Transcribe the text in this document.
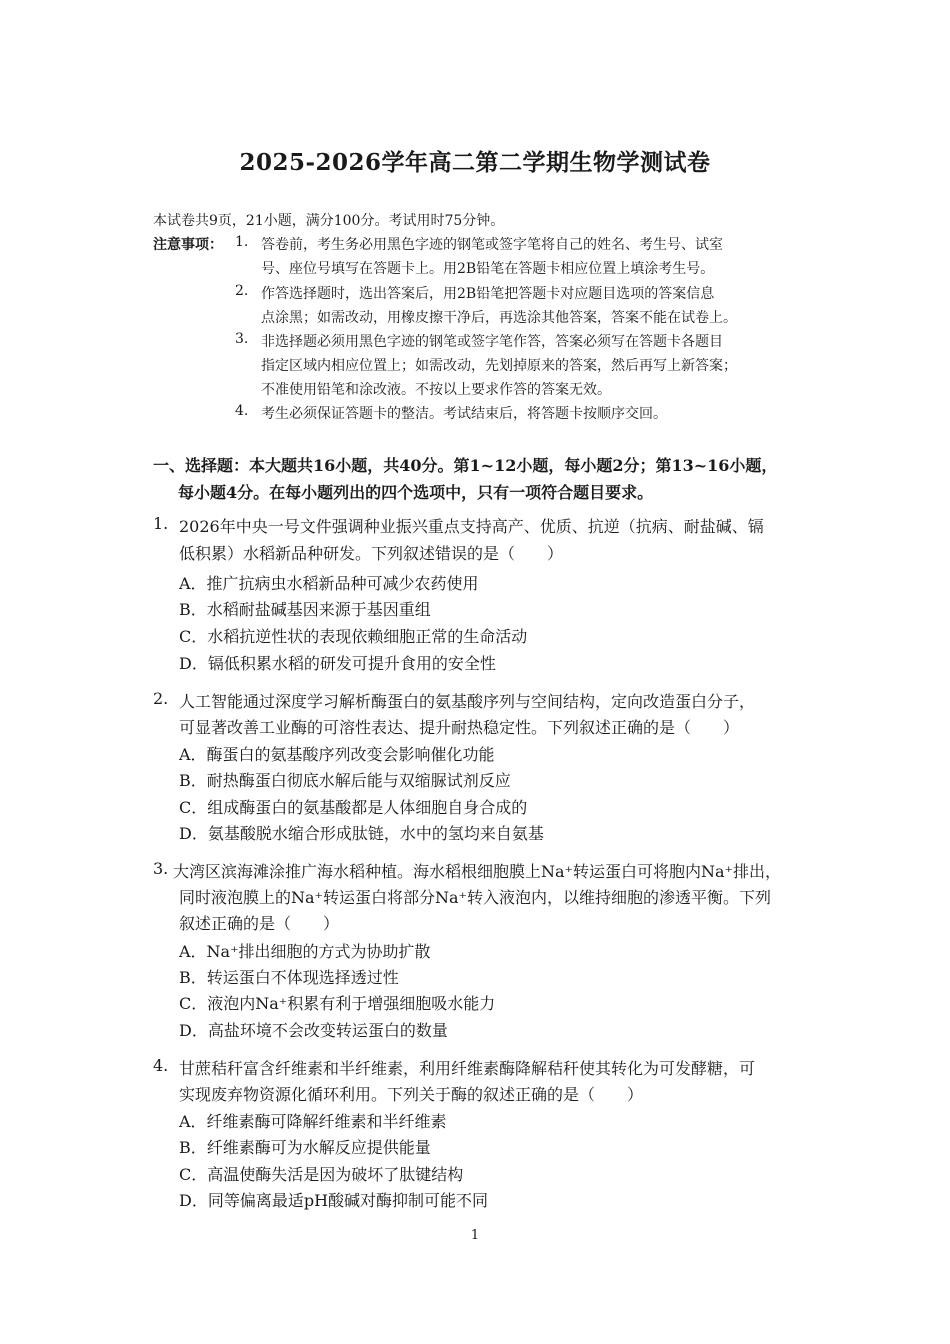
2025-2026学年高二第二学期生物学测试卷
本试卷共9页，21小题，满分100分。考试用时75分钟。
注意事项： 1. 答卷前，考生务必用黑色字迹的钢笔或签字笔将自己的姓名、考生号、试室
号、座位号填写在答题卡上。用2B铅笔在答题卡相应位置上填涂考生号。
2. 作答选择题时，选出答案后，用2B铅笔把答题卡对应题目选项的答案信息
点涂黑；如需改动，用橡皮擦干净后，再选涂其他答案，答案不能在试卷上。
3. 非选择题必须用黑色字迹的钢笔或签字笔作答，答案必须写在答题卡各题目
指定区域内相应位置上；如需改动，先划掉原来的答案，然后再写上新答案；
不准使用铅笔和涂改液。不按以上要求作答的答案无效。
4. 考生必须保证答题卡的整洁。考试结束后，将答题卡按顺序交回。
一、选择题：本大题共16小题，共40分。第1~12小题，每小题2分；第13~16小题，
每小题4分。在每小题列出的四个选项中，只有一项符合题目要求。
1. 2026年中央一号文件强调种业振兴重点支持高产、优质、抗逆（抗病、耐盐碱、镉
低积累）水稻新品种研发。下列叙述错误的是（　　）
A．推广抗病虫水稻新品种可减少农药使用
B．水稻耐盐碱基因来源于基因重组
C．水稻抗逆性状的表现依赖细胞正常的生命活动
D．镉低积累水稻的研发可提升食用的安全性
2. 人工智能通过深度学习解析酶蛋白的氨基酸序列与空间结构，定向改造蛋白分子，
可显著改善工业酶的可溶性表达、提升耐热稳定性。下列叙述正确的是（　　）
A．酶蛋白的氨基酸序列改变会影响催化功能
B．耐热酶蛋白彻底水解后能与双缩脲试剂反应
C．组成酶蛋白的氨基酸都是人体细胞自身合成的
D．氨基酸脱水缩合形成肽链，水中的氢均来自氨基
3. 大湾区滨海滩涂推广海水稻种植。海水稻根细胞膜上Na⁺转运蛋白可将胞内Na⁺排出，
同时液泡膜上的Na⁺转运蛋白将部分Na⁺转入液泡内，以维持细胞的渗透平衡。下列
叙述正确的是（　　）
A．Na⁺排出细胞的方式为协助扩散
B．转运蛋白不体现选择透过性
C．液泡内Na⁺积累有利于增强细胞吸水能力
D．高盐环境不会改变转运蛋白的数量
4. 甘蔗秸秆富含纤维素和半纤维素，利用纤维素酶降解秸秆使其转化为可发酵糖，可
实现废弃物资源化循环利用。下列关于酶的叙述正确的是（　　）
A．纤维素酶可降解纤维素和半纤维素
B．纤维素酶可为水解反应提供能量
C．高温使酶失活是因为破坏了肽键结构
D．同等偏离最适pH酸碱对酶抑制可能不同
1
